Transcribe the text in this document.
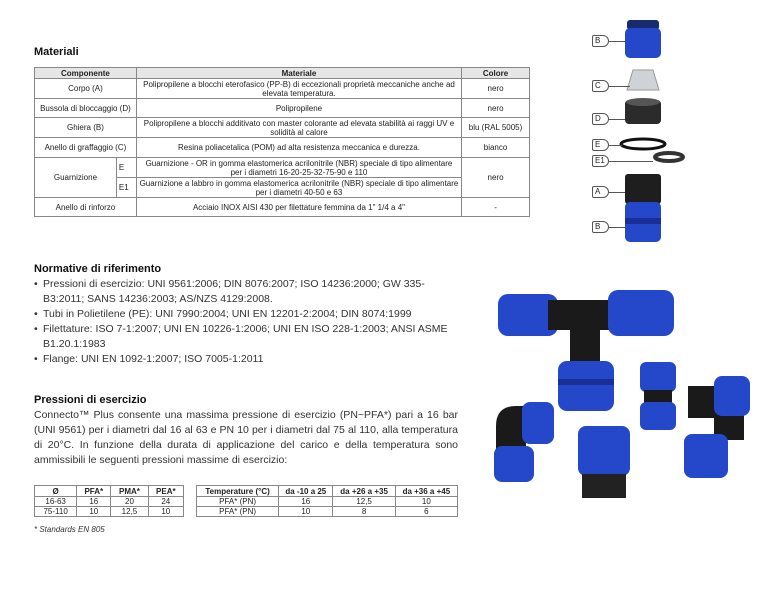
Materiali
Componente		Materiale	Colore
Corpo (A)		Polipropilene a blocchi eterofasico (PP-B) di eccezionali proprietà meccaniche anche ad elevata temperatura.	nero
Bussola di bloccaggio (D)		Polipropilene	nero
Ghiera (B)		Polipropilene a blocchi additivato con master colorante ad elevata stabilità ai raggi UV e solidità al calore	blu (RAL 5005)
Anello di graffaggio (C)		Resina poliacetalica (POM) ad alta resistenza meccanica e durezza.	bianco
Guarnizione	E	Guarnizione - OR in gomma elastomerica acrilonitrile (NBR) speciale di tipo alimentare per i diametri 16-20-25-32-75-90 e 110	nero
	E1	Guarnizione a labbro in gomma elastomerica acrilonitrile (NBR) speciale di tipo alimentare per i diametri 40-50 e 63	
Anello di rinforzo		Acciaio INOX AISI 430 per filettature femmina da 1" 1/4 a 4"	-
B
C
D
E
E1
A
B
Normative di riferimento
• Pressioni di esercizio: UNI 9561:2006; DIN 8076:2007; ISO 14236:2000; GW 335-B3:2011; SANS 14236:2003; AS/NZS 4129:2008.
• Tubi in Polietilene (PE): UNI 7990:2004; UNI EN 12201-2:2004; DIN 8074:1999
• Filettature: ISO 7-1:2007; UNI EN 10226-1:2006; UNI EN ISO 228-1:2003; ANSI ASME B1.20.1:1983
• Flange: UNI EN 1092-1:2007; ISO 7005-1:2011
Pressioni di esercizio
Connecto™ Plus consente una massima pressione di esercizio (PN~PFA*) pari a 16 bar (UNI 9561) per i diametri dal 16 al 63 e PN 10 per i diametri dal 75 al 110, alla temperatura di 20°C. In funzione della durata di applicazione del carico e della temperatura sono ammissibili le seguenti pressioni massime di esercizio:
Ø	PFA*	PMA*	PEA*
16-63	16	20	24
75-110	10	12,5	10
Temperature (°C)	da -10 a 25	da +26 a +35	da +36 a +45
PFA* (PN)	16	12,5	10
PFA* (PN)	10	8	6
* Standards EN 805
